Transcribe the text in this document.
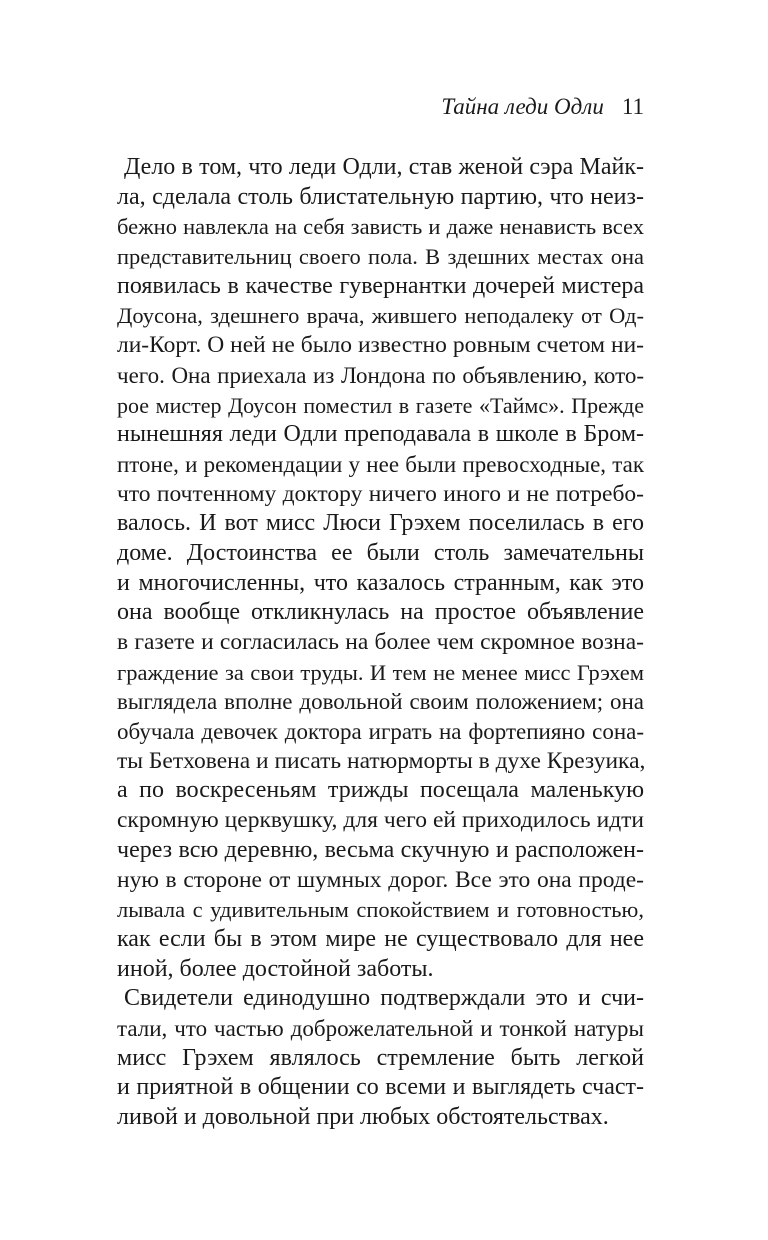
Тайна леди Одли 11
Дело в том, что леди Одли, став женой сэра Майк-
ла, сделала столь блистательную партию, что неиз-
бежно навлекла на себя зависть и даже ненависть всех
представительниц своего пола. В здешних местах она
появилась в качестве гувернантки дочерей мистера
Доусона, здешнего врача, жившего неподалеку от Од-
ли-Корт. О ней не было известно ровным счетом ни-
чего. Она приехала из Лондона по объявлению, кото-
рое мистер Доусон поместил в газете «Таймс». Прежде
нынешняя леди Одли преподавала в школе в Бром-
птоне, и рекомендации у нее были превосходные, так
что почтенному доктору ничего иного и не потребо-
валось. И вот мисс Люси Грэхем поселилась в его
доме. Достоинства ее были столь замечательны
и многочисленны, что казалось странным, как это
она вообще откликнулась на простое объявление
в газете и согласилась на более чем скромное возна-
граждение за свои труды. И тем не менее мисс Грэхем
выглядела вполне довольной своим положением; она
обучала девочек доктора играть на фортепияно сона-
ты Бетховена и писать натюрморты в духе Крезуика,
а по воскресеньям трижды посещала маленькую
скромную церквушку, для чего ей приходилось идти
через всю деревню, весьма скучную и расположен-
ную в стороне от шумных дорог. Все это она проде-
лывала с удивительным спокойствием и готовностью,
как если бы в этом мире не существовало для нее
иной, более достойной заботы.
Свидетели единодушно подтверждали это и счи-
тали, что частью доброжелательной и тонкой натуры
мисс Грэхем являлось стремление быть легкой
и приятной в общении со всеми и выглядеть счаст-
ливой и довольной при любых обстоятельствах.
